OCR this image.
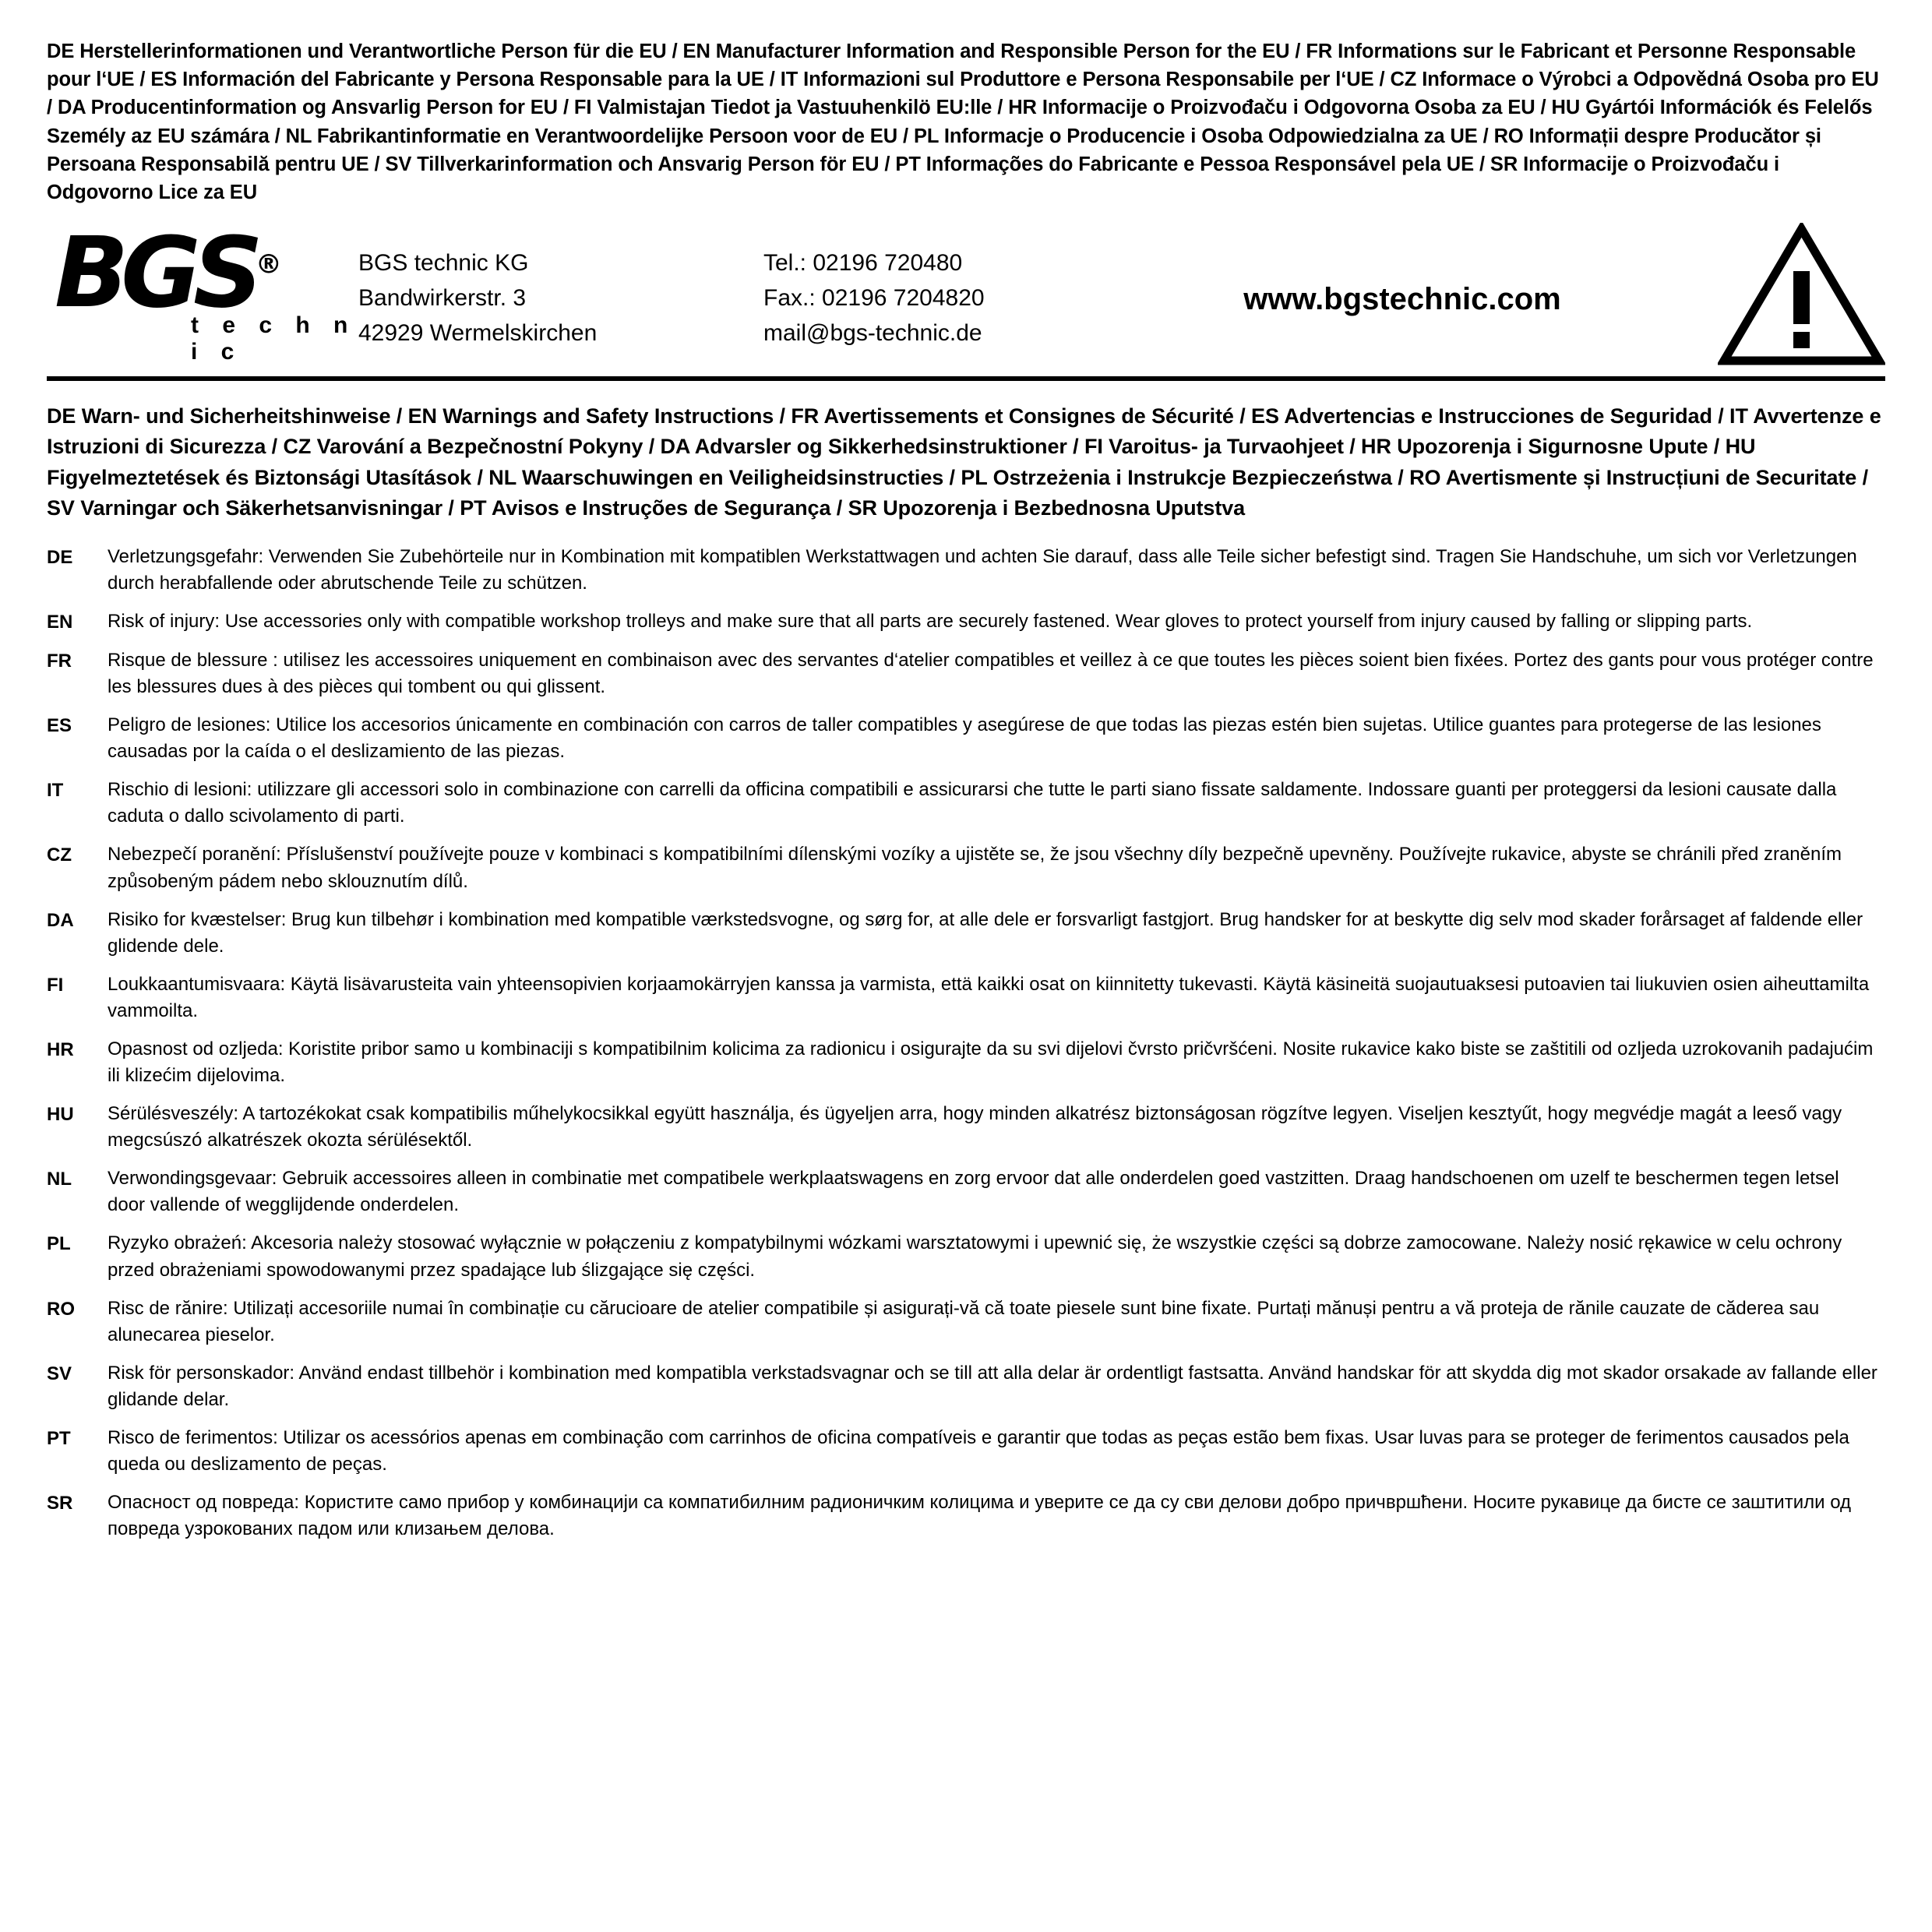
DE Herstellerinformationen und Verantwortliche Person für die EU / EN Manufacturer Information and Responsible Person for the EU / FR Informations sur le Fabricant et Personne Responsable pour l‘UE / ES Información del Fabricante y Persona Responsable para la UE / IT Informazioni sul Produttore e Persona Responsabile per l‘UE / CZ Informace o Výrobci a Odpovědná Osoba pro EU / DA Producentinformation og Ansvarlig Person for EU / FI Valmistajan Tiedot ja Vastuuhenkilö EU:lle / HR Informacije o Proizvođaču i Odgovorna Osoba za EU / HU Gyártói Információk és Felelős Személy az EU számára / NL Fabrikantinformatie en Verantwoordelijke Persoon voor de EU / PL Informacje o Producencie i Osoba Odpowiedzialna za UE / RO Informații despre Producător și Persoana Responsabilă pentru UE / SV Tillverkarinformation och Ansvarig Person för EU / PT Informações do Fabricante e Pessoa Responsável pela UE / SR Informacije o Proizvođaču i Odgovorno Lice za EU
BGS®
t e c h n i c
BGS technic KG
Bandwirkerstr. 3
42929 Wermelskirchen
Tel.: 02196 720480
Fax.: 02196 7204820
mail@bgs-technic.de
www.bgstechnic.com
DE Warn- und Sicherheitshinweise / EN Warnings and Safety Instructions / FR Avertissements et Consignes de Sécurité / ES Advertencias e Instrucciones de Seguridad / IT Avvertenze e Istruzioni di Sicurezza / CZ Varování a Bezpečnostní Pokyny / DA Advarsler og Sikkerhedsinstruktioner / FI Varoitus- ja Turvaohjeet / HR Upozorenja i Sigurnosne Upute / HU Figyelmeztetések és Biztonsági Utasítások / NL Waarschuwingen en Veiligheidsinstructies / PL Ostrzeżenia i Instrukcje Bezpieczeństwa / RO Avertismente și Instrucțiuni de Securitate / SV Varningar och Säkerhetsanvisningar / PT Avisos e Instruções de Segurança / SR Upozorenja i Bezbednosna Uputstva
DE	Verletzungsgefahr: Verwenden Sie Zubehörteile nur in Kombination mit kompatiblen Werkstattwagen und achten Sie darauf, dass alle Teile sicher befestigt sind. Tragen Sie Handschuhe, um sich vor Verletzungen durch herabfallende oder abrutschende Teile zu schützen.
EN	Risk of injury: Use accessories only with compatible workshop trolleys and make sure that all parts are securely fastened. Wear gloves to protect yourself from injury caused by falling or slipping parts.
FR	Risque de blessure : utilisez les accessoires uniquement en combinaison avec des servantes d‘atelier compatibles et veillez à ce que toutes les pièces soient bien fixées. Portez des gants pour vous protéger contre les blessures dues à des pièces qui tombent ou qui glissent.
ES	Peligro de lesiones: Utilice los accesorios únicamente en combinación con carros de taller compatibles y asegúrese de que todas las piezas estén bien sujetas. Utilice guantes para protegerse de las lesiones causadas por la caída o el deslizamiento de las piezas.
IT	Rischio di lesioni: utilizzare gli accessori solo in combinazione con carrelli da officina compatibili e assicurarsi che tutte le parti siano fissate saldamente. Indossare guanti per proteggersi da lesioni causate dalla caduta o dallo scivolamento di parti.
CZ	Nebezpečí poranění: Příslušenství používejte pouze v kombinaci s kompatibilními dílenskými vozíky a ujistěte se, že jsou všechny díly bezpečně upevněny. Používejte rukavice, abyste se chránili před zraněním způsobeným pádem nebo sklouznutím dílů.
DA	Risiko for kvæstelser: Brug kun tilbehør i kombination med kompatible værkstedsvogne, og sørg for, at alle dele er forsvarligt fastgjort. Brug handsker for at beskytte dig selv mod skader forårsaget af faldende eller glidende dele.
FI	Loukkaantumisvaara: Käytä lisävarusteita vain yhteensopivien korjaamokärryjen kanssa ja varmista, että kaikki osat on kiinnitetty tukevasti. Käytä käsineitä suojautuaksesi putoavien tai liukuvien osien aiheuttamilta vammoilta.
HR	Opasnost od ozljeda: Koristite pribor samo u kombinaciji s kompatibilnim kolicima za radionicu i osigurajte da su svi dijelovi čvrsto pričvršćeni. Nosite rukavice kako biste se zaštitili od ozljeda uzrokovanih padajućim ili klizećim dijelovima.
HU	Sérülésveszély: A tartozékokat csak kompatibilis műhelykocsikkal együtt használja, és ügyeljen arra, hogy minden alkatrész biztonságosan rögzítve legyen. Viseljen kesztyűt, hogy megvédje magát a leeső vagy megcsúszó alkatrészek okozta sérülésektől.
NL	Verwondingsgevaar: Gebruik accessoires alleen in combinatie met compatibele werkplaatswagens en zorg ervoor dat alle onderdelen goed vastzitten. Draag handschoenen om uzelf te beschermen tegen letsel door vallende of wegglijdende onderdelen.
PL	Ryzyko obrażeń: Akcesoria należy stosować wyłącznie w połączeniu z kompatybilnymi wózkami warsztatowymi i upewnić się, że wszystkie części są dobrze zamocowane. Należy nosić rękawice w celu ochrony przed obrażeniami spowodowanymi przez spadające lub ślizgające się części.
RO	Risc de rănire: Utilizați accesoriile numai în combinație cu cărucioare de atelier compatibile și asigurați-vă că toate piesele sunt bine fixate. Purtați mănuși pentru a vă proteja de rănile cauzate de căderea sau alunecarea pieselor.
SV	Risk för personskador: Använd endast tillbehör i kombination med kompatibla verkstadsvagnar och se till att alla delar är ordentligt fastsatta. Använd handskar för att skydda dig mot skador orsakade av fallande eller glidande delar.
PT	Risco de ferimentos: Utilizar os acessórios apenas em combinação com carrinhos de oficina compatíveis e garantir que todas as peças estão bem fixas. Usar luvas para se proteger de ferimentos causados pela queda ou deslizamento de peças.
SR	Опасност од повреда: Користите само прибор у комбинацији са компатибилним радионичким колицима и уверите се да су сви делови добро причвршћени. Носите рукавице да бисте се заштитили од повреда узрокованих падом или клизањем делова.
